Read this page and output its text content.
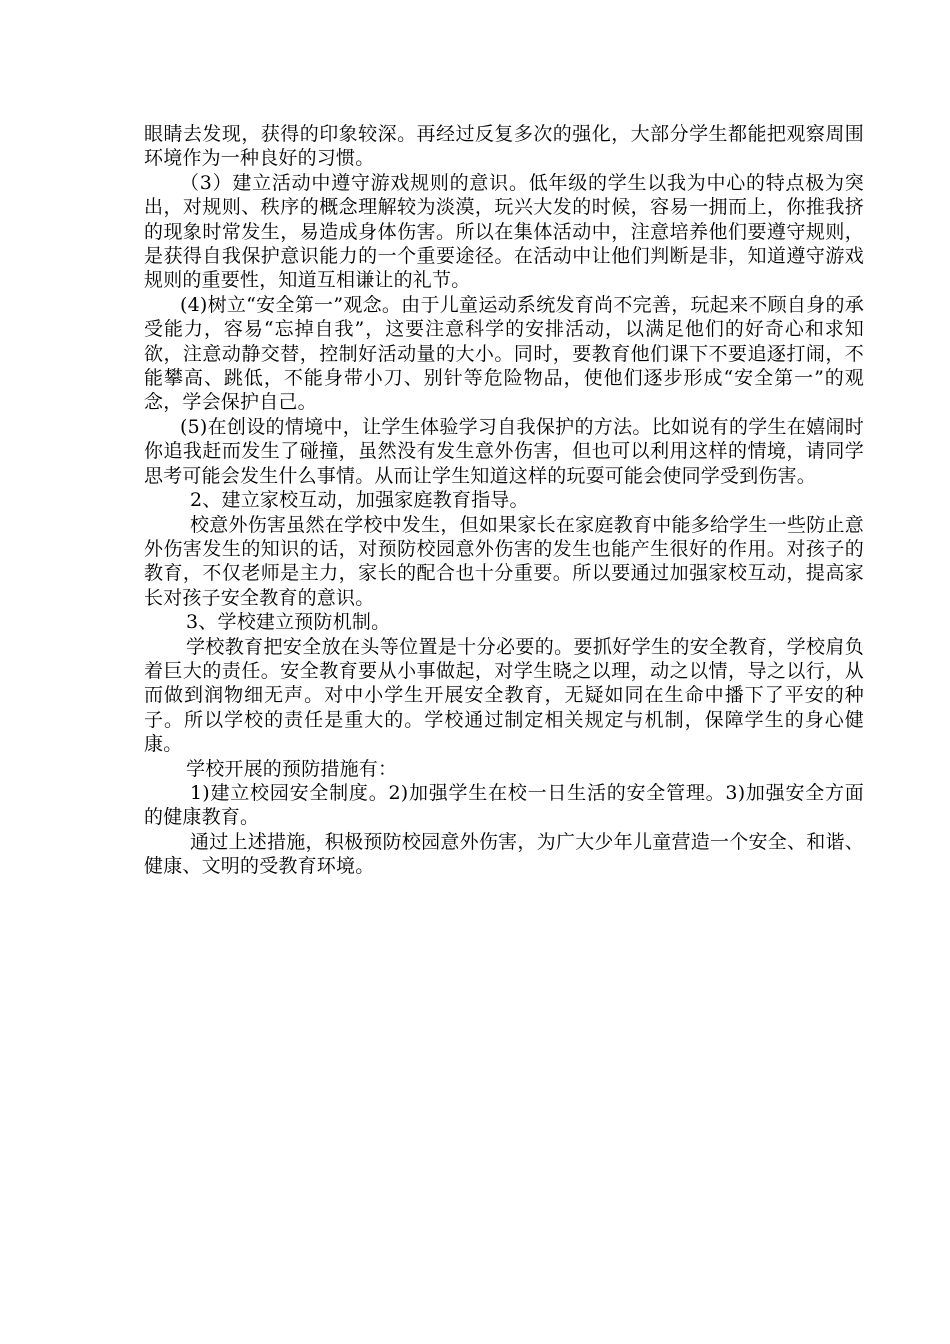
眼睛去发现，获得的印象较深。再经过反复多次的强化，大部分学生都能把观察周围环境作为一种良好的习惯。

（3）建立活动中遵守游戏规则的意识。低年级的学生以我为中心的特点极为突出，对规则、秩序的概念理解较为淡漠，玩兴大发的时候，容易一拥而上，你推我挤的现象时常发生，易造成身体伤害。所以在集体活动中，注意培养他们要遵守规则，是获得自我保护意识能力的一个重要途径。在活动中让他们判断是非，知道遵守游戏规则的重要性，知道互相谦让的礼节。

(4)树立“安全第一”观念。由于儿童运动系统发育尚不完善，玩起来不顾自身的承受能力，容易“忘掉自我”，这要注意科学的安排活动，以满足他们的好奇心和求知欲，注意动静交替，控制好活动量的大小。同时，要教育他们课下不要追逐打闹，不能攀高、跳低，不能身带小刀、别针等危险物品，使他们逐步形成“安全第一”的观念，学会保护自己。

(5)在创设的情境中，让学生体验学习自我保护的方法。比如说有的学生在嬉闹时你追我赶而发生了碰撞，虽然没有发生意外伤害，但也可以利用这样的情境，请同学思考可能会发生什么事情。从而让学生知道这样的玩耍可能会使同学受到伤害。

2、建立家校互动，加强家庭教育指导。

校意外伤害虽然在学校中发生，但如果家长在家庭教育中能多给学生一些防止意外伤害发生的知识的话，对预防校园意外伤害的发生也能产生很好的作用。对孩子的教育，不仅老师是主力，家长的配合也十分重要。所以要通过加强家校互动，提高家长对孩子安全教育的意识。

3、学校建立预防机制。

学校教育把安全放在头等位置是十分必要的。要抓好学生的安全教育，学校肩负着巨大的责任。安全教育要从小事做起，对学生晓之以理，动之以情，导之以行，从而做到润物细无声。对中小学生开展安全教育，无疑如同在生命中播下了平安的种子。所以学校的责任是重大的。学校通过制定相关规定与机制，保障学生的身心健康。

学校开展的预防措施有：

1)建立校园安全制度。2)加强学生在校一日生活的安全管理。3)加强安全方面的健康教育。

通过上述措施，积极预防校园意外伤害，为广大少年儿童营造一个安全、和谐、健康、文明的受教育环境。
